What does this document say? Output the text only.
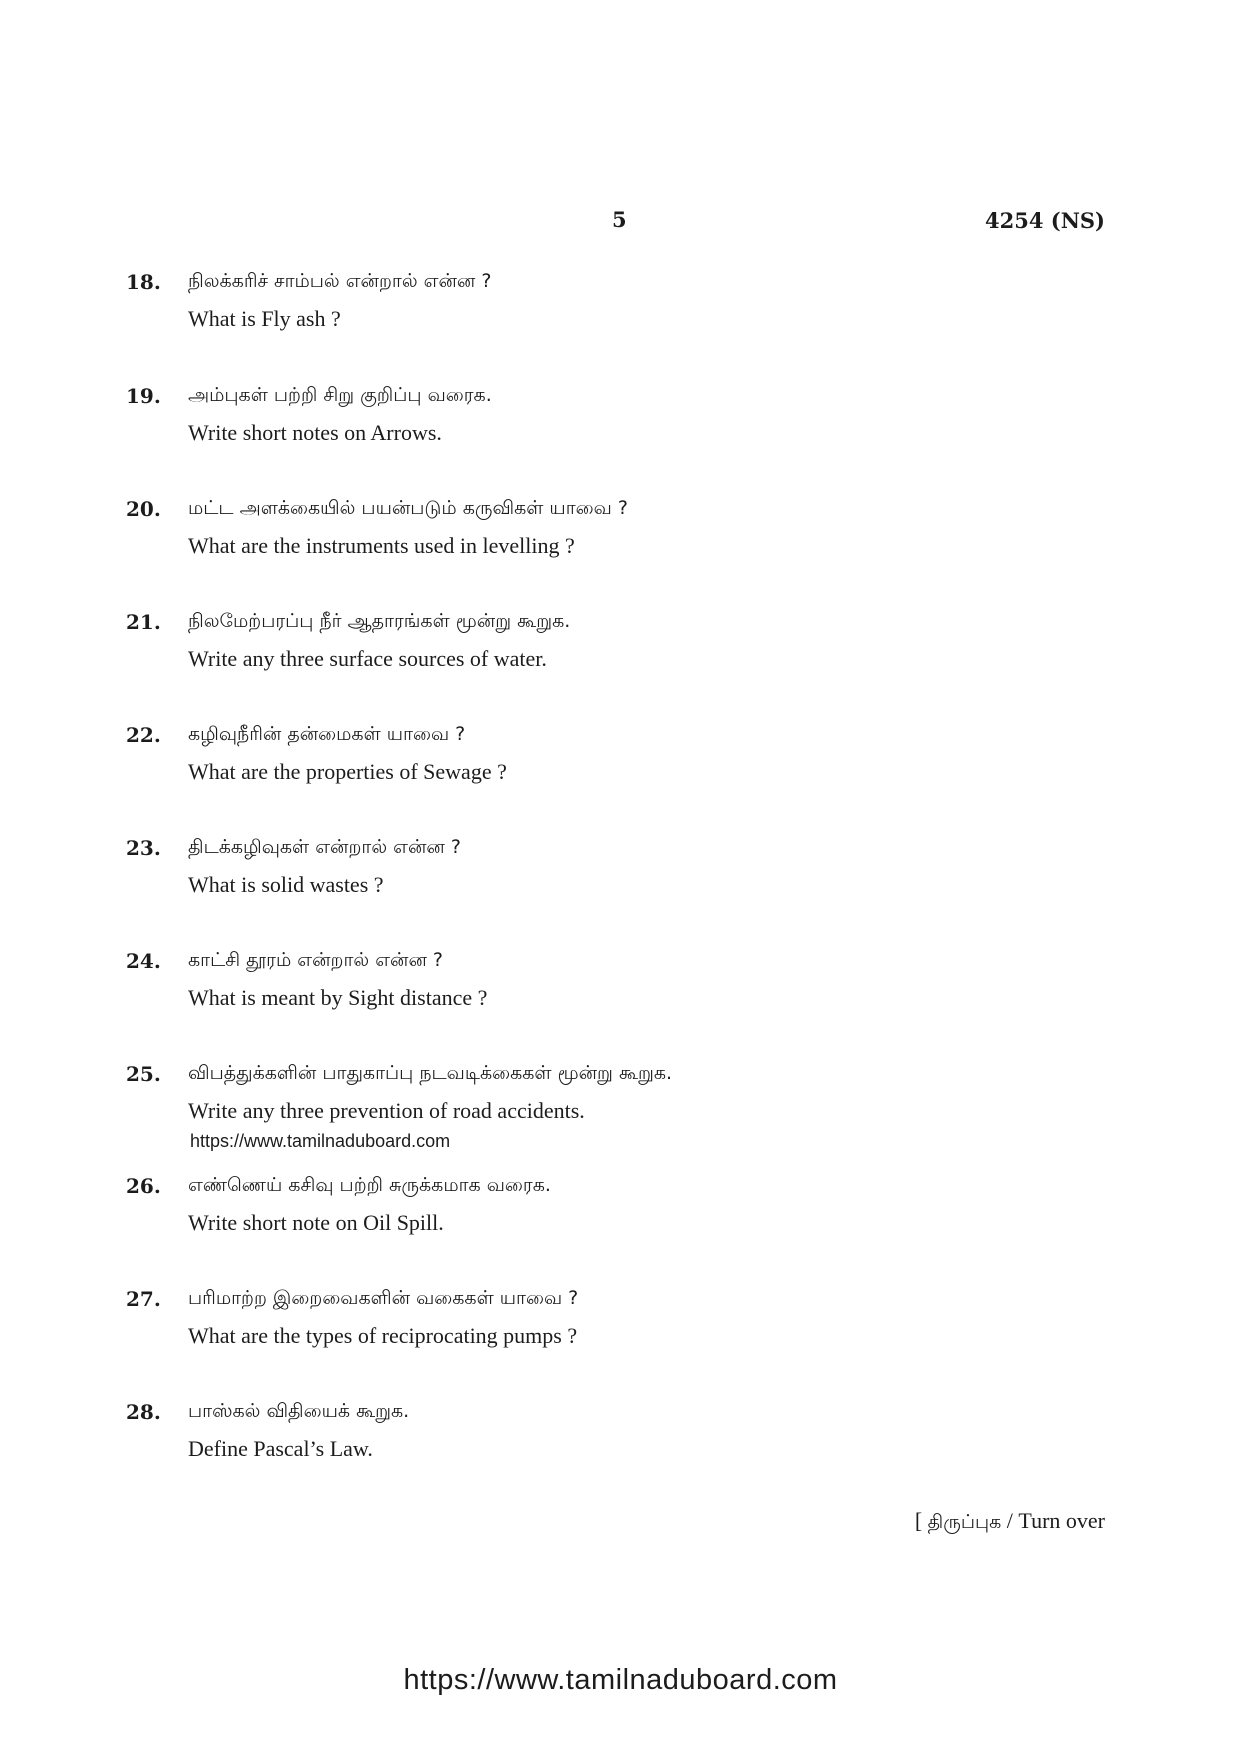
5	4254 (NS)
18. நிலக்கரிச் சாம்பல் என்றால் என்ன ?
What is Fly ash ?
19. அம்புகள் பற்றி சிறு குறிப்பு வரைக.
Write short notes on Arrows.
20. மட்ட அளக்கையில் பயன்படும் கருவிகள் யாவை ?
What are the instruments used in levelling ?
21. நிலமேற்பரப்பு நீர் ஆதாரங்கள் மூன்று கூறுக.
Write any three surface sources of water.
22. கழிவுநீரின் தன்மைகள் யாவை ?
What are the properties of Sewage ?
23. திடக்கழிவுகள் என்றால் என்ன ?
What is solid wastes ?
24. காட்சி தூரம் என்றால் என்ன ?
What is meant by Sight distance ?
25. விபத்துக்களின் பாதுகாப்பு நடவடிக்கைகள் மூன்று கூறுக.
Write any three prevention of road accidents.
https://www.tamilnaduboard.com
26. எண்ணெய் கசிவு பற்றி சுருக்கமாக வரைக.
Write short note on Oil Spill.
27. பரிமாற்ற இறைவைகளின் வகைகள் யாவை ?
What are the types of reciprocating pumps ?
28. பாஸ்கல் விதியைக் கூறுக.
Define Pascal’s Law.
[ திருப்புக / Turn over
https://www.tamilnaduboard.com
